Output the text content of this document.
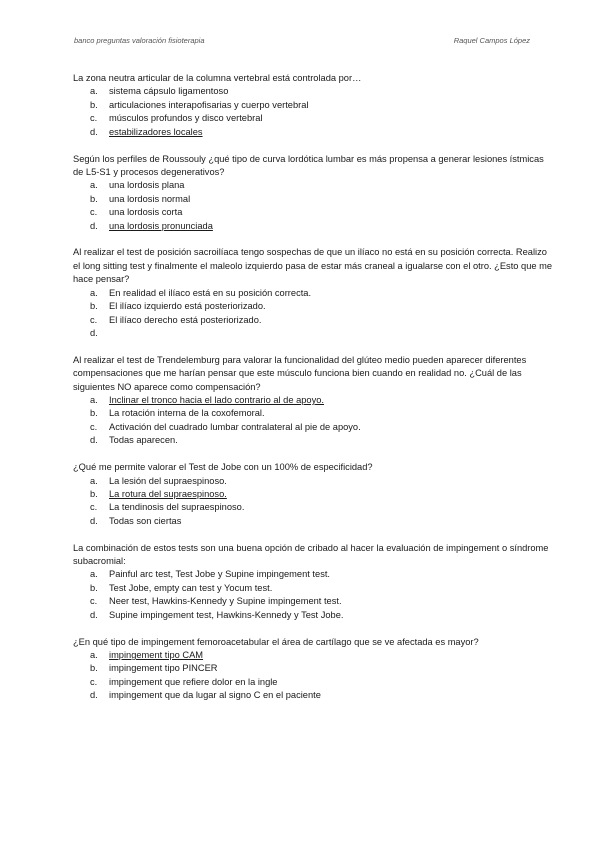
banco preguntas valoración fisioterapia	Raquel Campos López

La zona neutra articular de la columna vertebral está controlada por…

a. sistema cápsulo ligamentoso
b. articulaciones interapofisarias y cuerpo vertebral
c. músculos profundos y disco vertebral
d. estabilizadores locales

Según los perfiles de Roussouly ¿qué tipo de curva lordótica lumbar es más propensa a generar lesiones ístmicas de L5-S1 y procesos degenerativos?

a. una lordosis plana
b. una lordosis normal
c. una lordosis corta
d. una lordosis pronunciada

Al realizar el test de posición sacroilíaca tengo sospechas de que un ilíaco no está en su posición correcta. Realizo el long sitting test y finalmente el maleolo izquierdo pasa de estar más craneal a igualarse con el otro. ¿Esto que me hace pensar?

a. En realidad el ilíaco está en su posición correcta.
b. El ilíaco izquierdo está posteriorizado.
c. El ilíaco derecho está posteriorizado.
d.

Al realizar el test de Trendelemburg para valorar la funcionalidad del glúteo medio pueden aparecer diferentes compensaciones que me harían pensar que este músculo funciona bien cuando en realidad no. ¿Cuál de las siguientes NO aparece como compensación?

a. Inclinar el tronco hacia el lado contrario al de apoyo.
b. La rotación interna de la coxofemoral.
c. Activación del cuadrado lumbar contralateral al pie de apoyo.
d. Todas aparecen.

¿Qué me permite valorar el Test de Jobe con un 100% de especificidad?

a. La lesión del supraespinoso.
b. La rotura del supraespinoso.
c. La tendinosis del supraespinoso.
d. Todas son ciertas

La combinación de estos tests son una buena opción de cribado al hacer la evaluación de impingement o síndrome subacromial:

a. Painful arc test, Test Jobe y Supine impingement test.
b. Test Jobe, empty can test y Yocum test.
c. Neer test, Hawkins-Kennedy y Supine impingement test.
d. Supine impingement test, Hawkins-Kennedy y Test Jobe.

¿En qué tipo de impingement femoroacetabular el área de cartílago que se ve afectada es mayor?

a. impingement tipo CAM
b. impingement tipo PINCER
c. impingement que refiere dolor en la ingle
d. impingement que da lugar al signo C en el paciente
